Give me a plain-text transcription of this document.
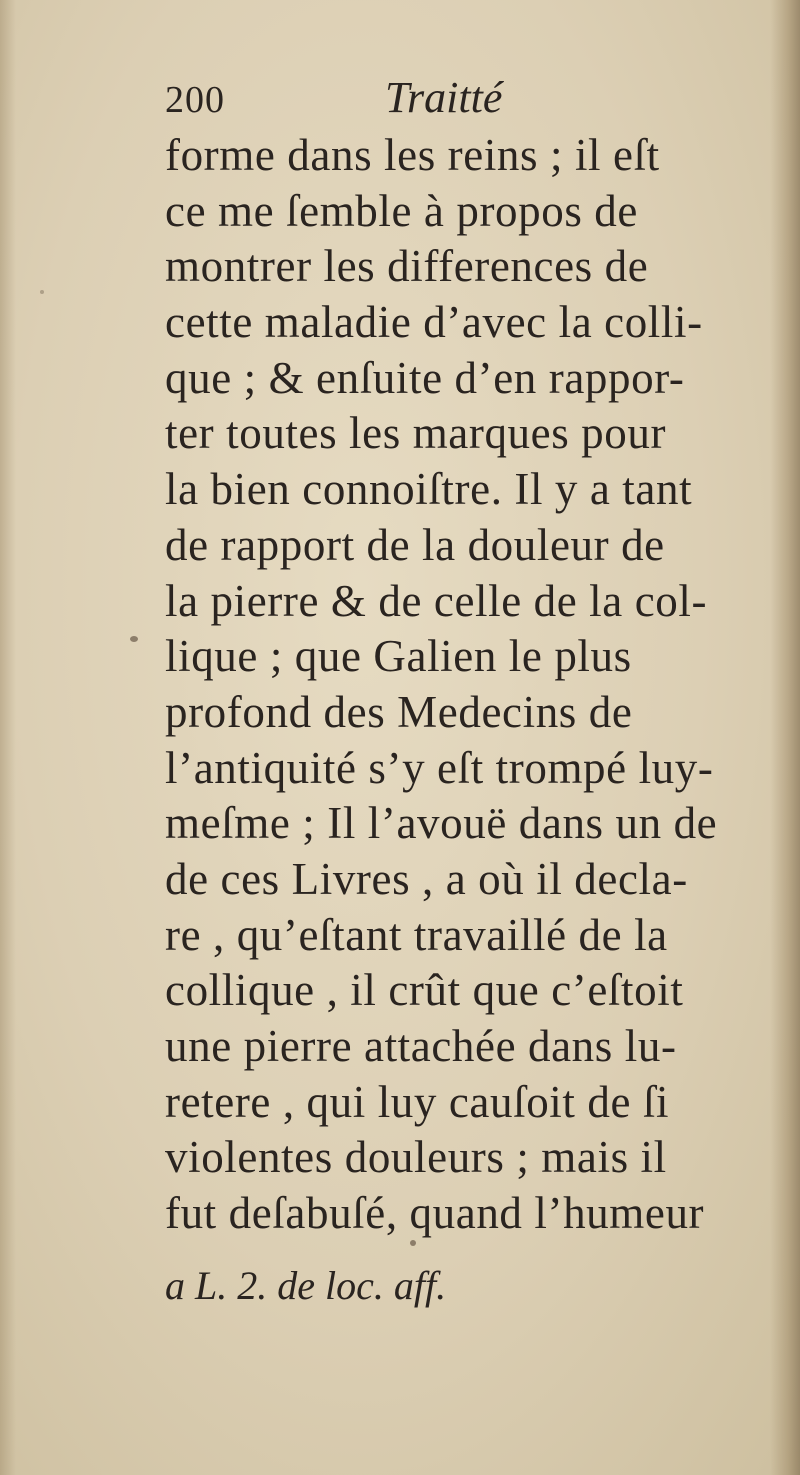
200	Traitté
forme dans les reins ; il eſt
ce me ſemble à propos de
montrer les differences de
cette maladie d’avec la colli-
que ; & enſuite d’en rappor-
ter toutes les marques pour
la bien connoiſtre. Il y a tant
de rapport de la douleur de
la pierre & de celle de la col-
lique ; que Galien le plus
profond des Medecins de
l’antiquité s’y eſt trompé luy-
meſme ; Il l’avouë dans un de
de ces Livres , a où il decla-
re , qu’eſtant travaillé de la
collique , il crût que c’eſtoit
une pierre attachée dans lu-
retere , qui luy cauſoit de ſi
violentes douleurs ; mais il
fut deſabuſé, quand l’humeur
a L. 2. de loc. aff.
